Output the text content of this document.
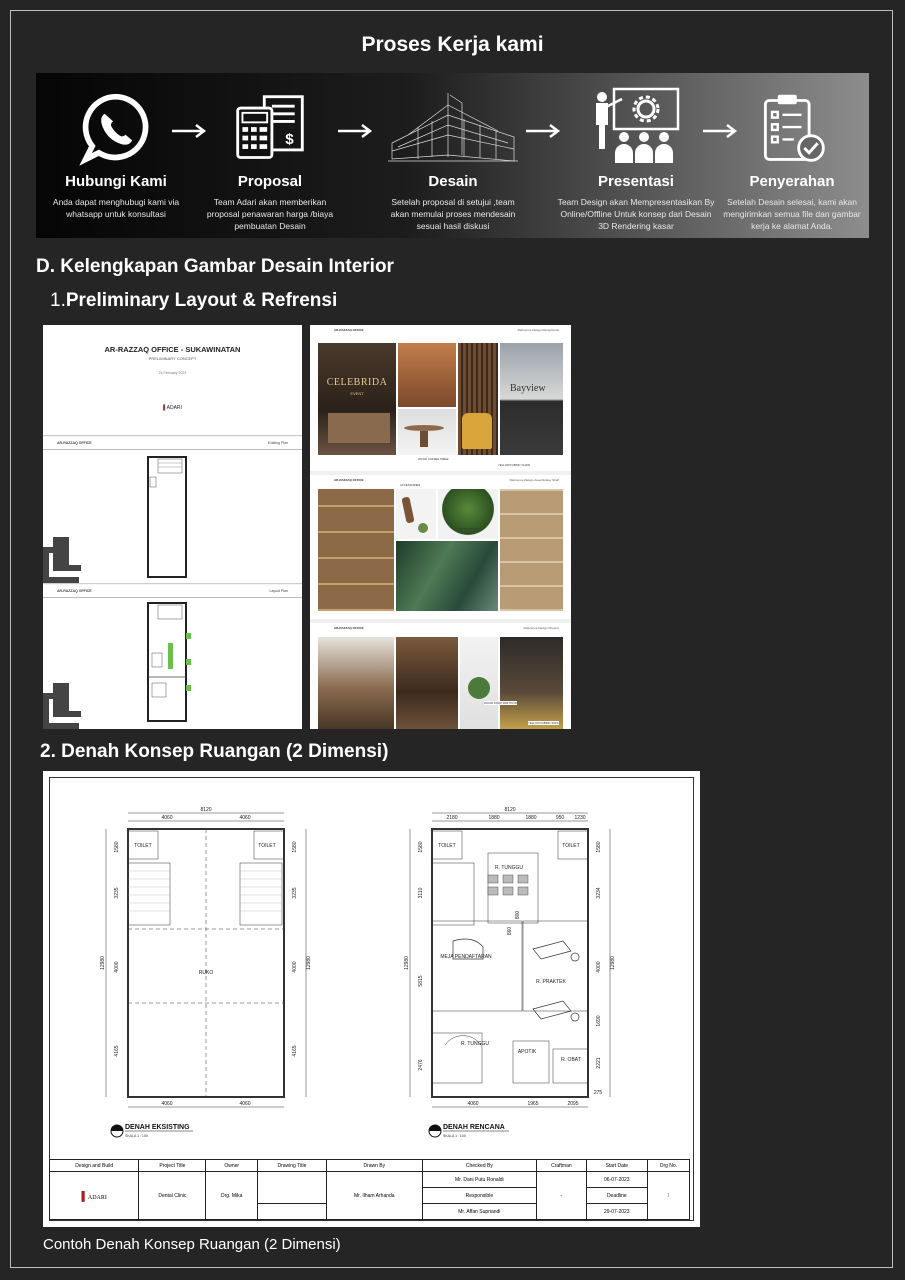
Proses Kerja kami
Hubungi Kami
Anda dapat menghubugi kami via whatsapp untuk konsultasi
$
Proposal
Team Adari akan memberikan proposal penawaran harga /biaya pembuatan Desain
Desain
Setelah proposal di setujui ,team akan memulai proses mendesain sesuai hasil diskusi
Presentasi
Team Design akan Mempresentasikan By Online/Offline Untuk konsep dari Desain 3D Rendering kasar
Penyerahan
Setelah Desain selesai, kami akan mengirimkan semua file dan gambar kerja ke alamat Anda.
D. Kelengkapan Gambar Desain Interior
1.Preliminary Layout & Refrensi
AR-RAZZAQ OFFICE - SUKAWINATAN
PRELIMINARY CONCEPT
24 February 2023
▌ADARI
AR-RAZZAQ OFFICE	Existing Plan
AR-RAZZAQ OFFICE	Layout Plan
AR-RAZZAQ OFFICE	Reference Design Receptionist
CELEBRIDA
EVENT	Bayview
WOOD COFFEE TABLE
YELLOW FABRIC CHAIR
AR-RAZZAQ OFFICE	Reference Design Area Display Shelf
ACCESSORIES
POTTED PLANT
AR-RAZZAQ OFFICE	Reference Design Director
WOOD STRIP PARTITION
YELLOW FABRIC SOFA
2. Denah Konsep Ruangan (2 Dimensi)
8120
4060	4060
4060	4060
1580
3235
4000
4165
12980
1580
3235
4000
4165
12980
TOILET	TOILET
RUKO
8120
2180	1880	1880	950 1230
4060	1965	2095
1580
3110
5815
2476
12980
1580
3234
4000
1690
2221
12980
800
860
275
TOILET	TOILET
R. TUNGGU
MEJA PENDAFTARAN
R. PRAKTEK
R. TUNGGU
APOTIK
R. OBAT
DENAH EKSISTING
SKALA 1 : 100
DENAH RENCANA
SKALA 1 : 100
Design and Build	Project Title	Owner	Drawing Title	Drawn By	Checked By	Craftman	Start Date	Drg No.
▌ADARI	Dental Clinic	Drg. Mika		Mr. Ilham Arhanda	Mr. Dani Putu Ronaldi	-	06-07-2023	1
					Responsible		Deadline	
					Mr. Affan Supriandi		29-07-2023	
Contoh Denah Konsep Ruangan (2 Dimensi)
